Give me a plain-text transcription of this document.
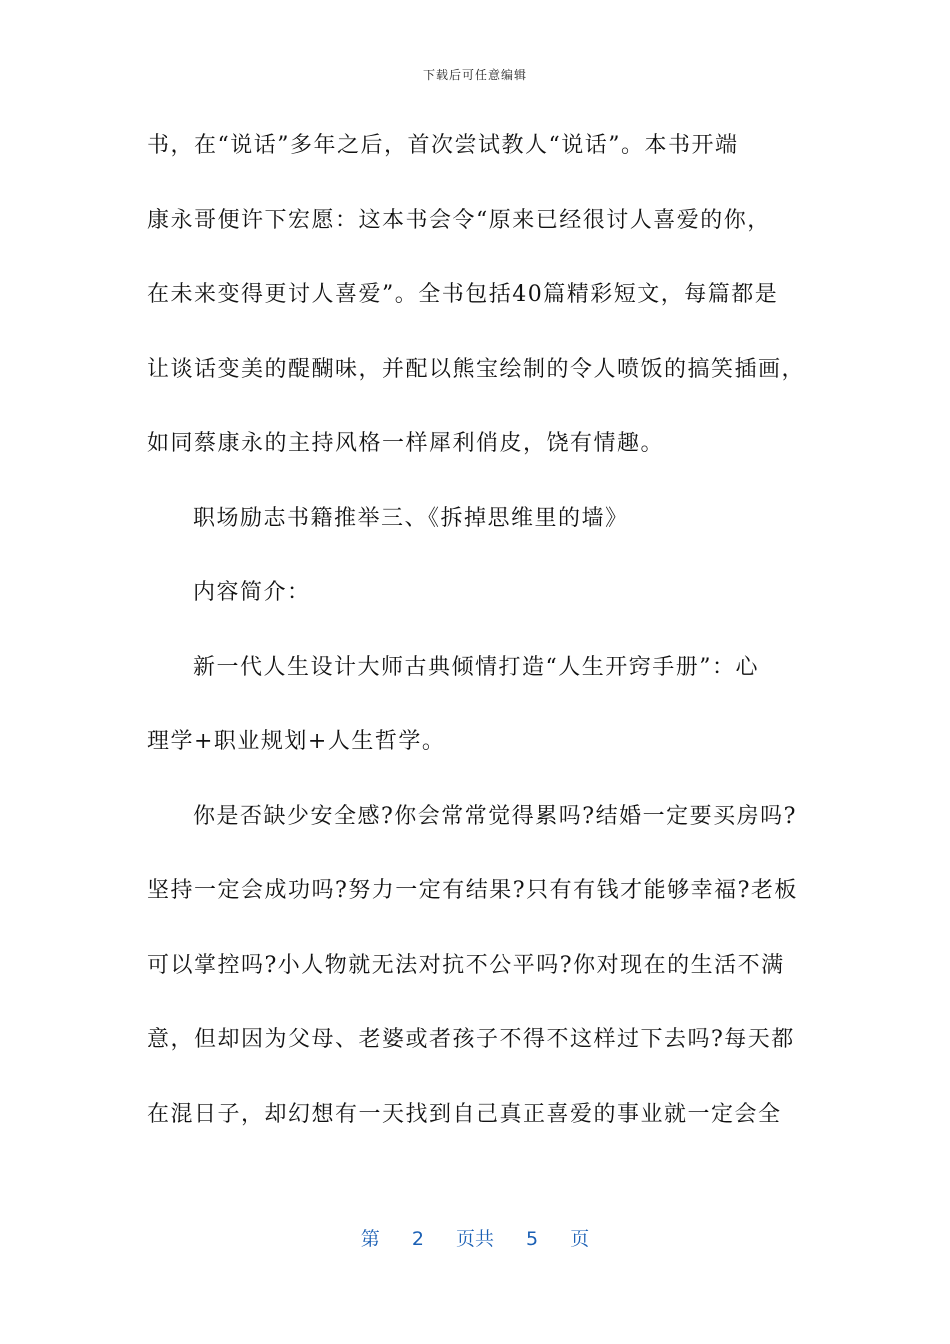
下载后可任意编辑
书，在“说话”多年之后，首次尝试教人“说话”。本书开端
康永哥便许下宏愿：这本书会令“原来已经很讨人喜爱的你，
在未来变得更讨人喜爱”。全书包括40篇精彩短文，每篇都是
让谈话变美的醍醐味，并配以熊宝绘制的令人喷饭的搞笑插画，
如同蔡康永的主持风格一样犀利俏皮，饶有情趣。
职场励志书籍推举三、《拆掉思维里的墙》
内容简介：
新一代人生设计大师古典倾情打造“人生开窍手册”：心
理学+职业规划+人生哲学。
你是否缺少安全感?你会常常觉得累吗?结婚一定要买房吗?
坚持一定会成功吗?努力一定有结果?只有有钱才能够幸福?老板
可以掌控吗?小人物就无法对抗不公平吗?你对现在的生活不满
意，但却因为父母、老婆或者孩子不得不这样过下去吗?每天都
在混日子，却幻想有一天找到自己真正喜爱的事业就一定会全
第 2 页共 5 页
